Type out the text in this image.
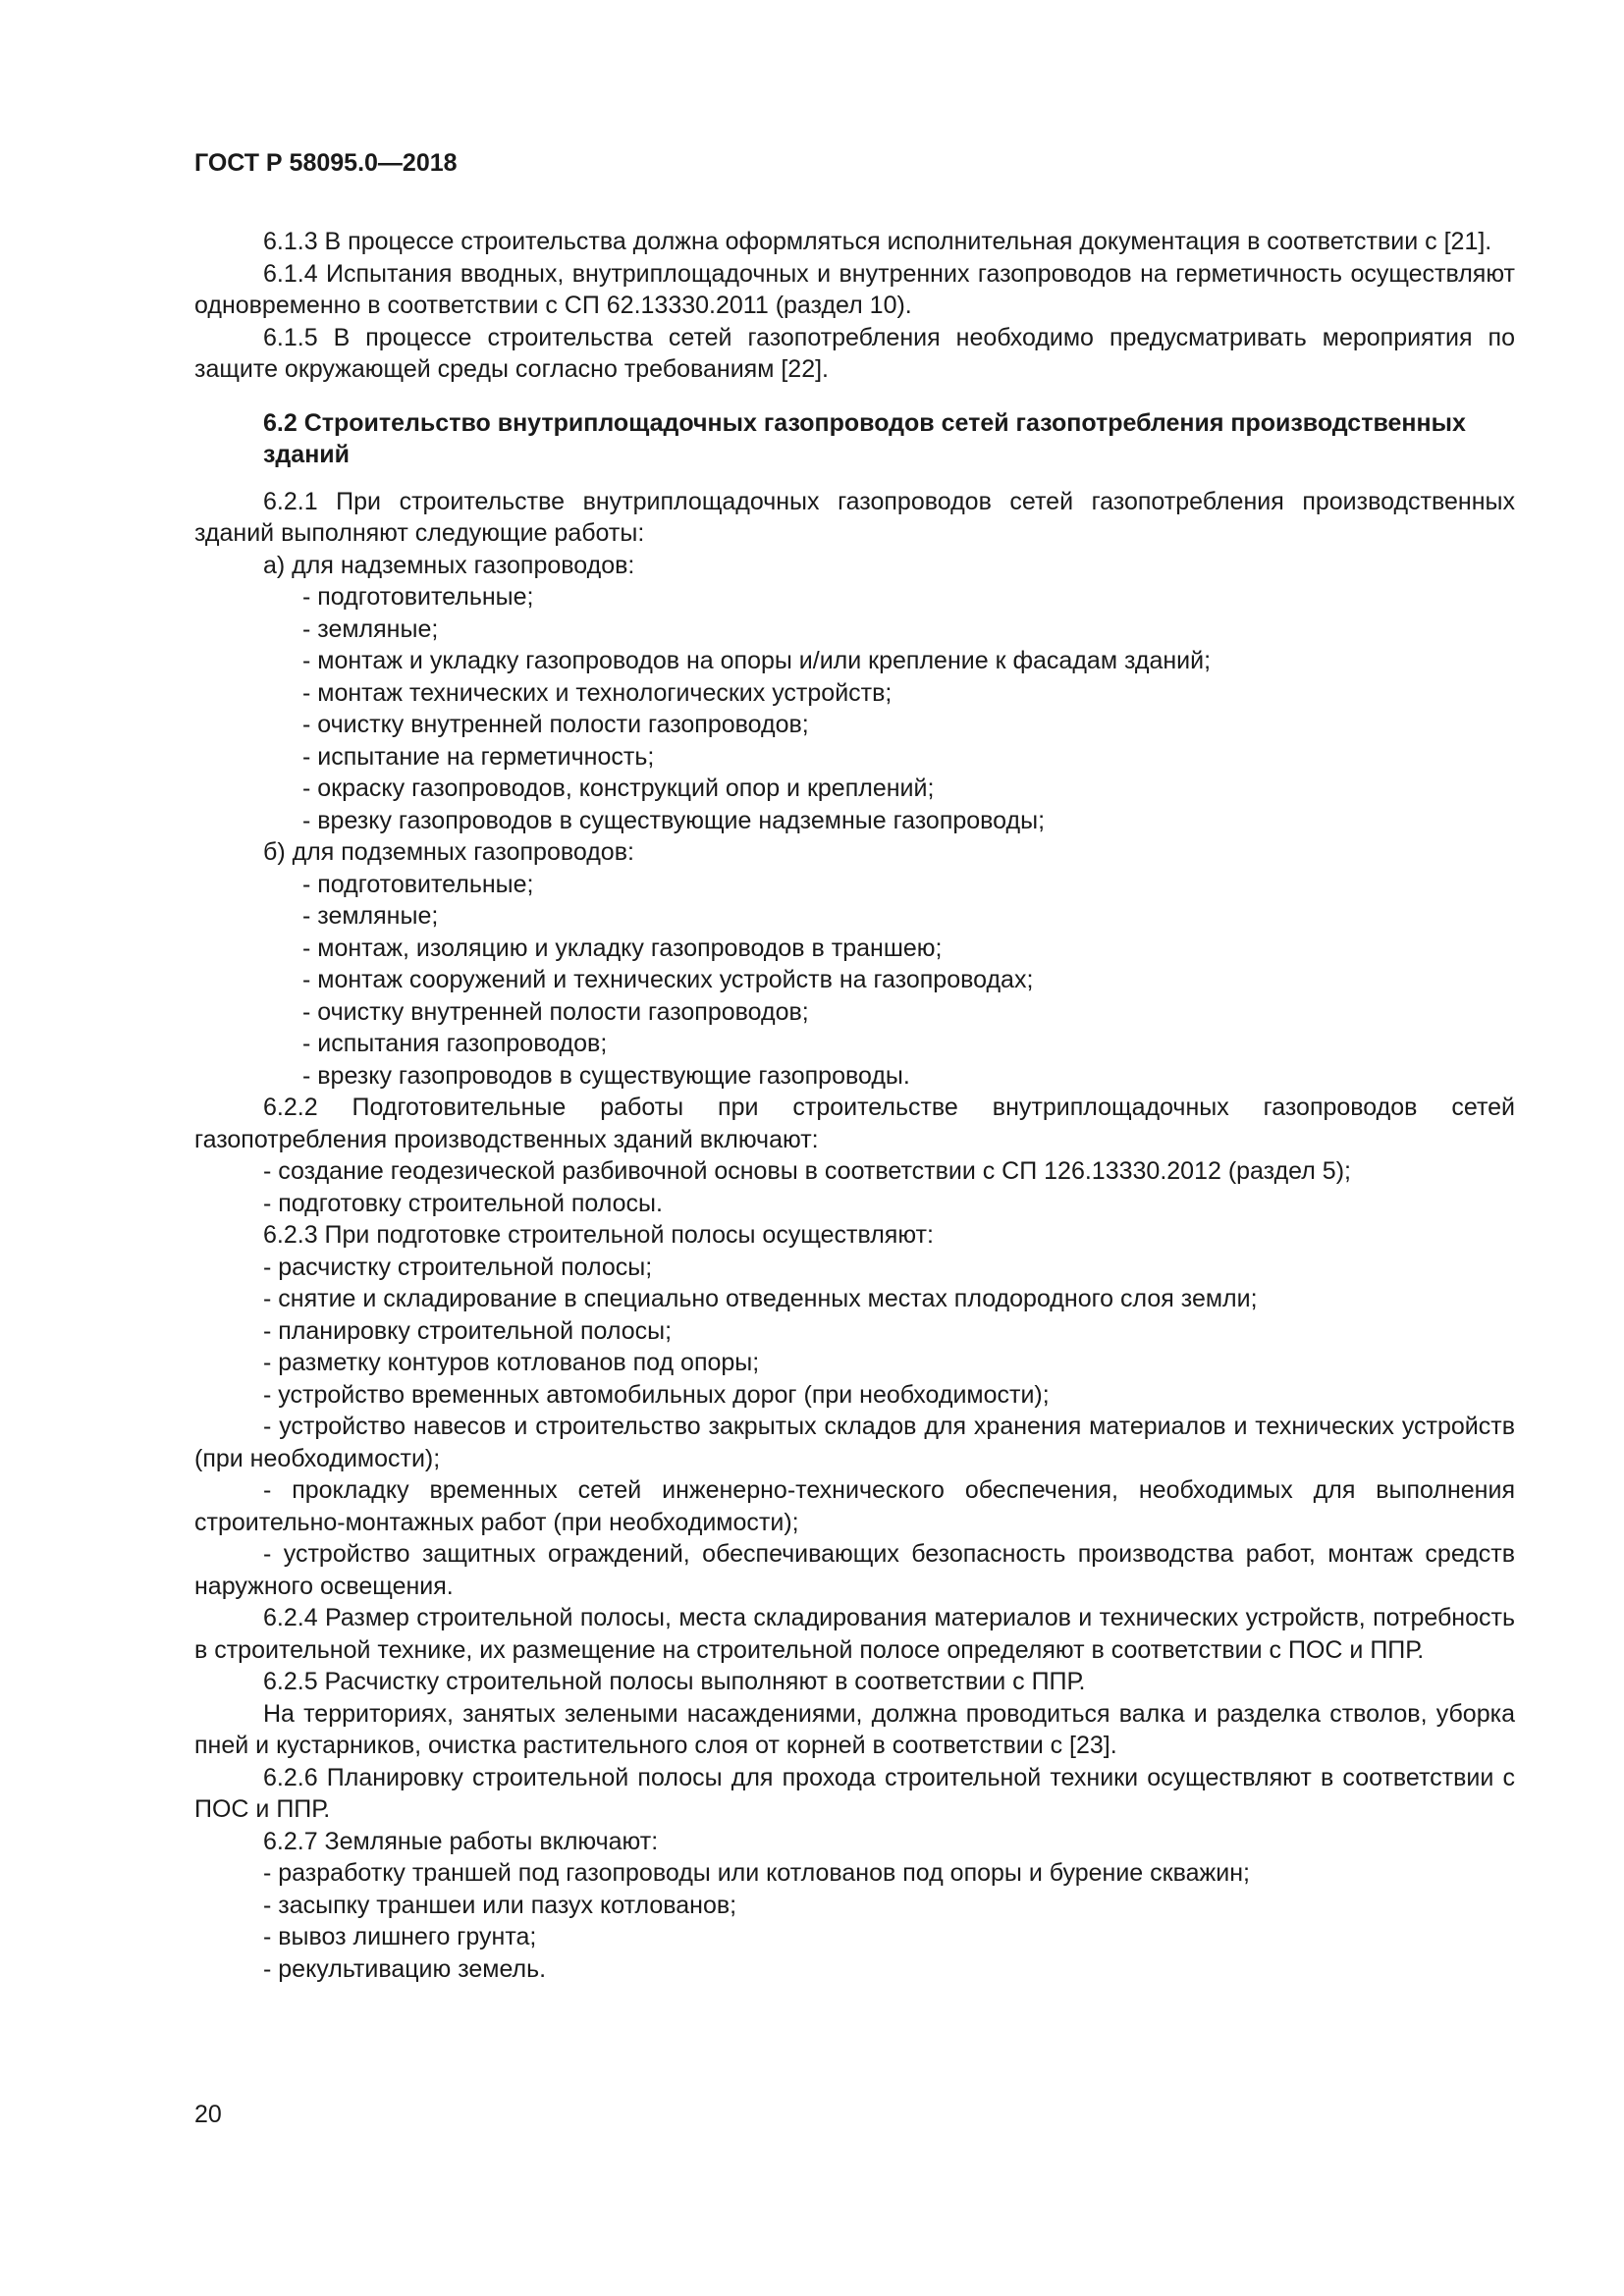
ГОСТ Р 58095.0—2018

6.1.3 В процессе строительства должна оформляться исполнительная документация в соответствии с [21].

6.1.4 Испытания вводных, внутриплощадочных и внутренних газопроводов на герметичность осуществляют одновременно в соответствии с СП 62.13330.2011 (раздел 10).

6.1.5 В процессе строительства сетей газопотребления необходимо предусматривать мероприятия по защите окружающей среды согласно требованиям [22].

6.2 Строительство внутриплощадочных газопроводов сетей газопотребления производственных зданий

6.2.1 При строительстве внутриплощадочных газопроводов сетей газопотребления производственных зданий выполняют следующие работы:

а) для надземных газопроводов:

- подготовительные;

- земляные;

- монтаж и укладку газопроводов на опоры и/или крепление к фасадам зданий;

- монтаж технических и технологических устройств;

- очистку внутренней полости газопроводов;

- испытание на герметичность;

- окраску газопроводов, конструкций опор и креплений;

- врезку газопроводов в существующие надземные газопроводы;

б) для подземных газопроводов:

- подготовительные;

- земляные;

- монтаж, изоляцию и укладку газопроводов в траншею;

- монтаж сооружений и технических устройств на газопроводах;

- очистку внутренней полости газопроводов;

- испытания газопроводов;

- врезку газопроводов в существующие газопроводы.

6.2.2 Подготовительные работы при строительстве внутриплощадочных газопроводов сетей газопотребления производственных зданий включают:

- создание геодезической разбивочной основы в соответствии с СП 126.13330.2012 (раздел 5);

- подготовку строительной полосы.

6.2.3 При подготовке строительной полосы осуществляют:

- расчистку строительной полосы;

- снятие и складирование в специально отведенных местах плодородного слоя земли;

- планировку строительной полосы;

- разметку контуров котлованов под опоры;

- устройство временных автомобильных дорог (при необходимости);

- устройство навесов и строительство закрытых складов для хранения материалов и технических устройств (при необходимости);

- прокладку временных сетей инженерно-технического обеспечения, необходимых для выполнения строительно-монтажных работ (при необходимости);

- устройство защитных ограждений, обеспечивающих безопасность производства работ, монтаж средств наружного освещения.

6.2.4 Размер строительной полосы, места складирования материалов и технических устройств, потребность в строительной технике, их размещение на строительной полосе определяют в соответствии с ПОС и ППР.

6.2.5 Расчистку строительной полосы выполняют в соответствии с ППР.

На территориях, занятых зелеными насаждениями, должна проводиться валка и разделка стволов, уборка пней и кустарников, очистка растительного слоя от корней в соответствии с [23].

6.2.6 Планировку строительной полосы для прохода строительной техники осуществляют в соответствии с ПОС и ППР.

6.2.7 Земляные работы включают:

- разработку траншей под газопроводы или котлованов под опоры и бурение скважин;

- засыпку траншеи или пазух котлованов;

- вывоз лишнего грунта;

- рекультивацию земель.

20
